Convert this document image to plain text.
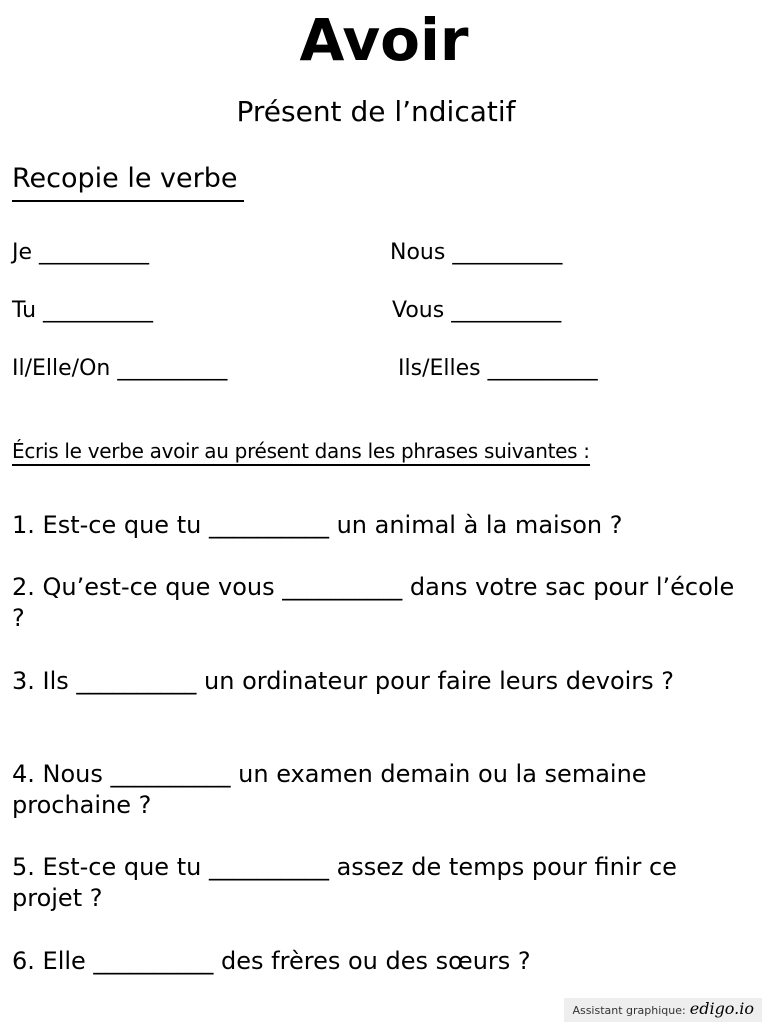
Avoir
Présent de l’ndicatif
Recopie le verbe
Je __________
Tu __________
Il/Elle/On __________
Nous __________
Vous __________
Ils/Elles __________
Écris le verbe avoir au présent dans les phrases suivantes :
1. Est-ce que tu __________ un animal à la maison ?
2. Qu’est-ce que vous __________ dans votre sac pour l’école ?
3. Ils __________ un ordinateur pour faire leurs devoirs ?
4. Nous __________ un examen demain ou la semaine prochaine ?
5. Est-ce que tu __________ assez de temps pour finir ce projet ?
6. Elle __________ des frères ou des sœurs ?
Assistant graphique: edigo.io
